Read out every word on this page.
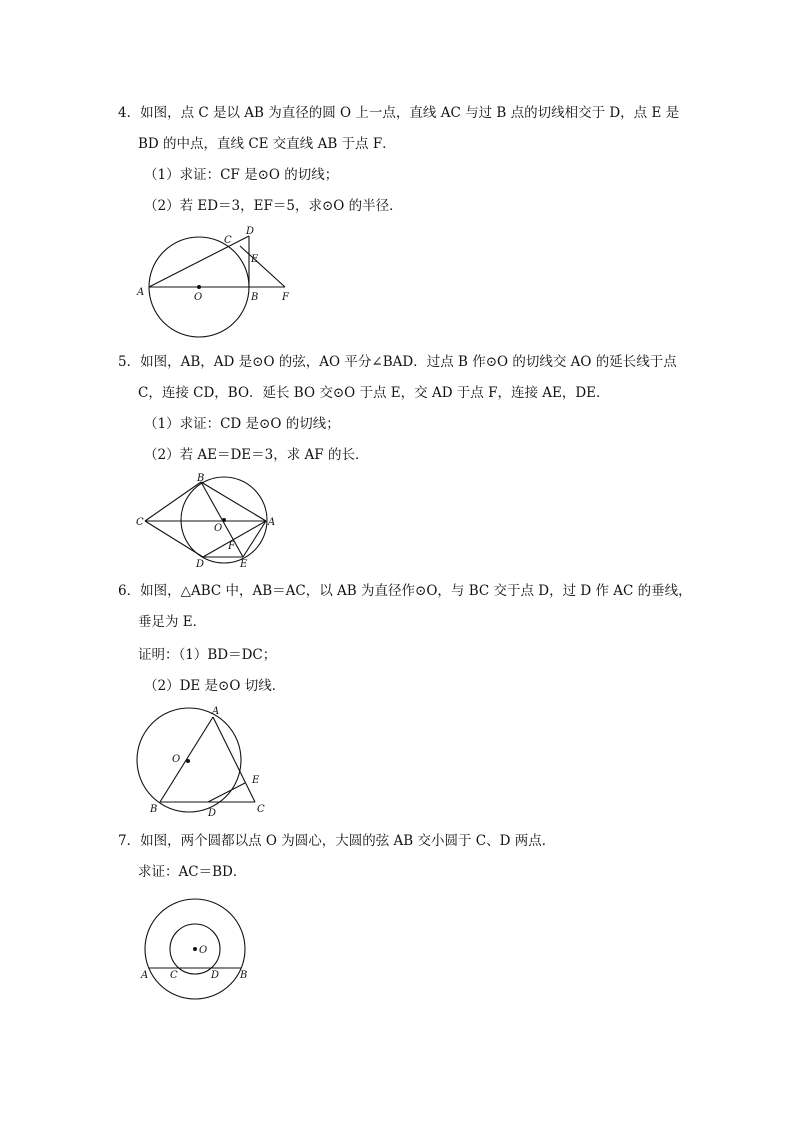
4．如图，点 C 是以 AB 为直径的圆 O 上一点，直线 AC 与过 B 点的切线相交于 D，点 E 是
BD 的中点，直线 CE 交直线 AB 于点 F．
（1）求证：CF 是⊙O 的切线；
（2）若 ED＝3，EF＝5，求⊙O 的半径．
A	O	B F
C
D
E
5．如图，AB，AD 是⊙O 的弦，AO 平分∠BAD．过点 B 作⊙O 的切线交 AO 的延长线于点
C，连接 CD，BO．延长 BO 交⊙O 于点 E，交 AD 于点 F，连接 AE，DE．
（1）求证：CD 是⊙O 的切线；
（2）若 AE＝DE＝3，求 AF 的长．
B
C
O
A
D
F
E
6．如图，△ABC 中，AB＝AC，以 AB 为直径作⊙O，与 BC 交于点 D，过 D 作 AC 的垂线，
垂足为 E．
证明：（1）BD＝DC；
（2）DE 是⊙O 切线．
A
O
E
B	D	C
7．如图，两个圆都以点 O 为圆心，大圆的弦 AB 交小圆于 C、D 两点．
求证：AC＝BD．
O
A C	D B
